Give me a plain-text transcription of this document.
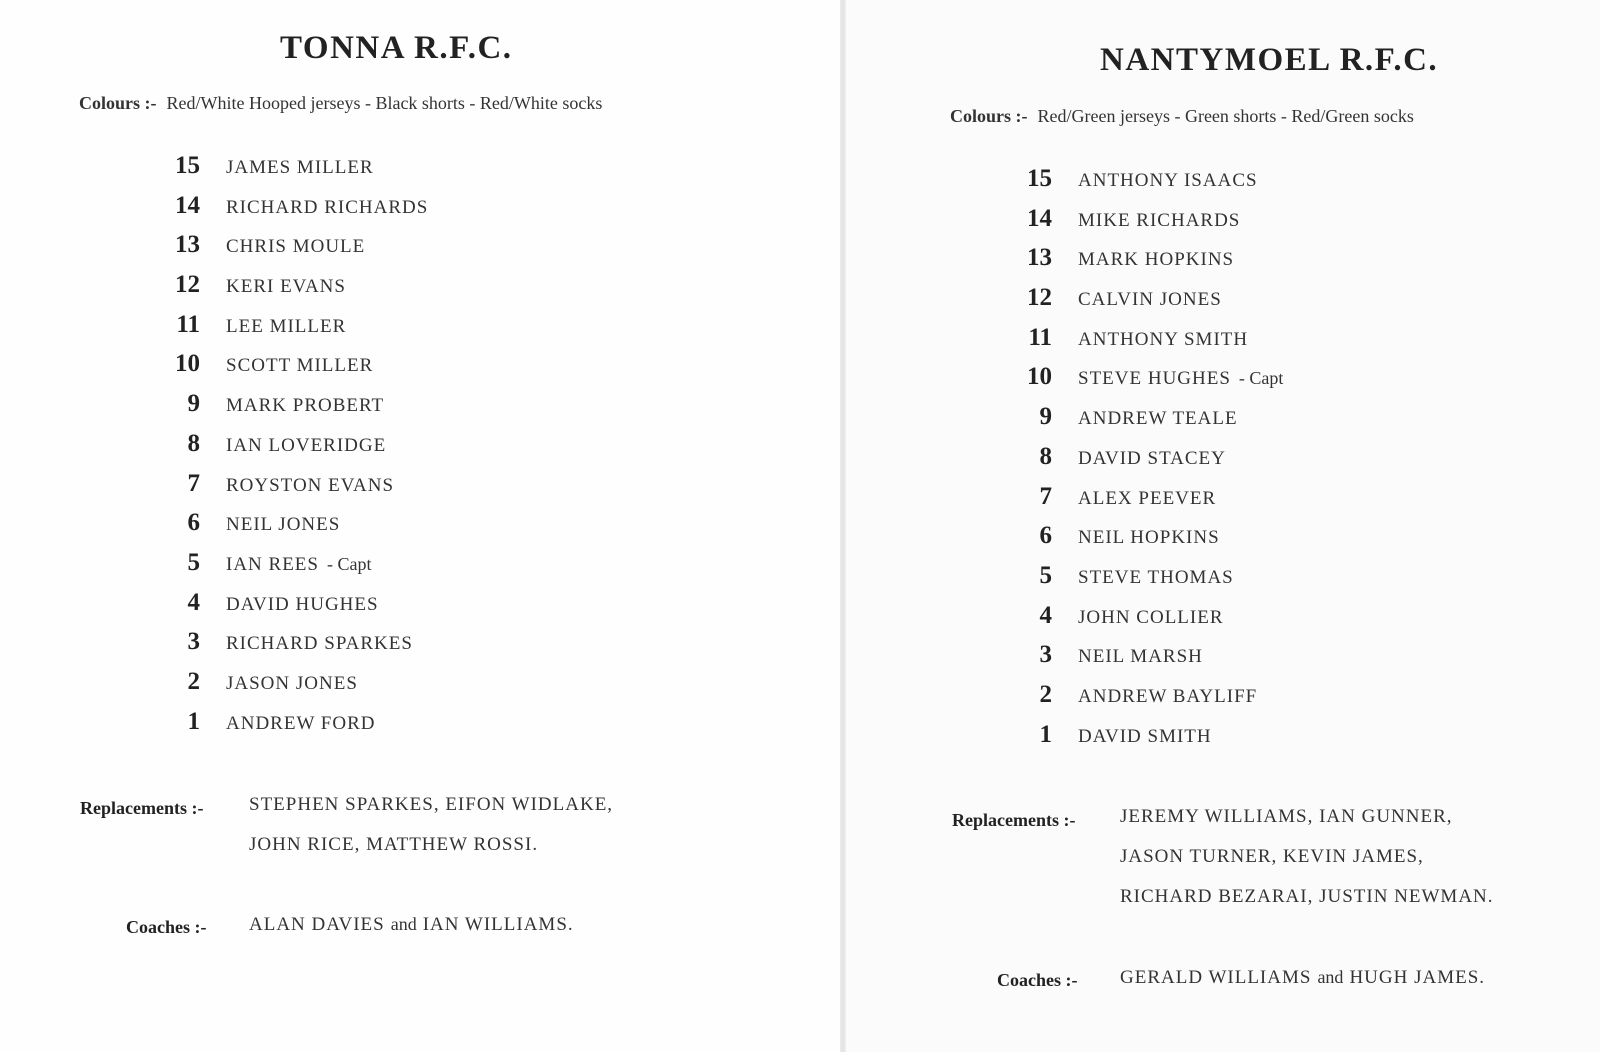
TONNA R.F.C.
Colours :- Red/White Hooped jerseys - Black shorts - Red/White socks
15 JAMES MILLER
14 RICHARD RICHARDS
13 CHRIS MOULE
12 KERI EVANS
11 LEE MILLER
10 SCOTT MILLER
9 MARK PROBERT
8 IAN LOVERIDGE
7 ROYSTON EVANS
6 NEIL JONES
5 IAN REES - Capt
4 DAVID HUGHES
3 RICHARD SPARKES
2 JASON JONES
1 ANDREW FORD
Replacements :- STEPHEN SPARKES, EIFON WIDLAKE,
JOHN RICE, MATTHEW ROSSI.
Coaches :- ALAN DAVIES and IAN WILLIAMS.
NANTYMOEL R.F.C.
Colours :- Red/Green jerseys - Green shorts - Red/Green socks
15 ANTHONY ISAACS
14 MIKE RICHARDS
13 MARK HOPKINS
12 CALVIN JONES
11 ANTHONY SMITH
10 STEVE HUGHES - Capt
9 ANDREW TEALE
8 DAVID STACEY
7 ALEX PEEVER
6 NEIL HOPKINS
5 STEVE THOMAS
4 JOHN COLLIER
3 NEIL MARSH
2 ANDREW BAYLIFF
1 DAVID SMITH
Replacements :- JEREMY WILLIAMS, IAN GUNNER,
JASON TURNER, KEVIN JAMES,
RICHARD BEZARAI, JUSTIN NEWMAN.
Coaches :- GERALD WILLIAMS and HUGH JAMES.
